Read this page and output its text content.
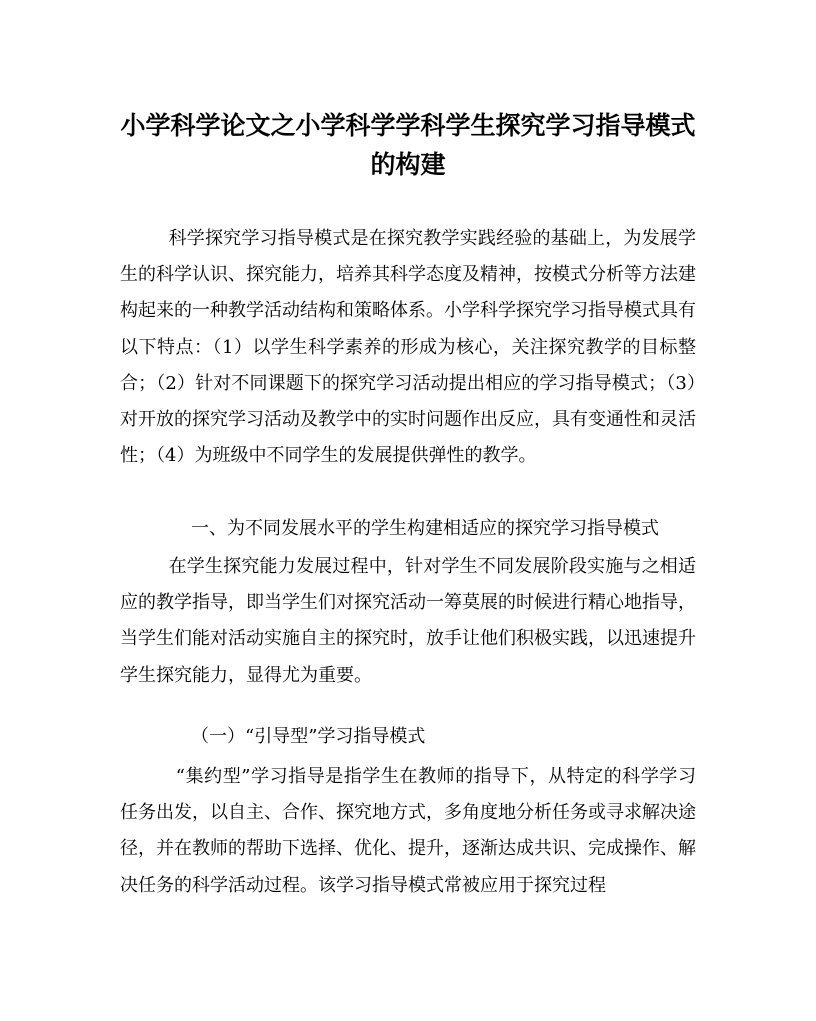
小学科学论文之小学科学学科学生探究学习指导模式
的构建

科学探究学习指导模式是在探究教学实践经验的基础上，为发展学生的科学认识、探究能力，培养其科学态度及精神，按模式分析等方法建构起来的一种教学活动结构和策略体系。小学科学探究学习指导模式具有以下特点：（1）以学生科学素养的形成为核心，关注探究教学的目标整合；（2）针对不同课题下的探究学习活动提出相应的学习指导模式；（3）对开放的探究学习活动及教学中的实时问题作出反应，具有变通性和灵活性；（4）为班级中不同学生的发展提供弹性的教学。

一、为不同发展水平的学生构建相适应的探究学习指导模式

在学生探究能力发展过程中，针对学生不同发展阶段实施与之相适应的教学指导，即当学生们对探究活动一筹莫展的时候进行精心地指导，当学生们能对活动实施自主的探究时，放手让他们积极实践，以迅速提升学生探究能力，显得尤为重要。

（一）“引导型”学习指导模式

“集约型”学习指导是指学生在教师的指导下，从特定的科学学习任务出发，以自主、合作、探究地方式，多角度地分析任务或寻求解决途径，并在教师的帮助下选择、优化、提升，逐渐达成共识、完成操作、解决任务的科学活动过程。该学习指导模式常被应用于探究过程
